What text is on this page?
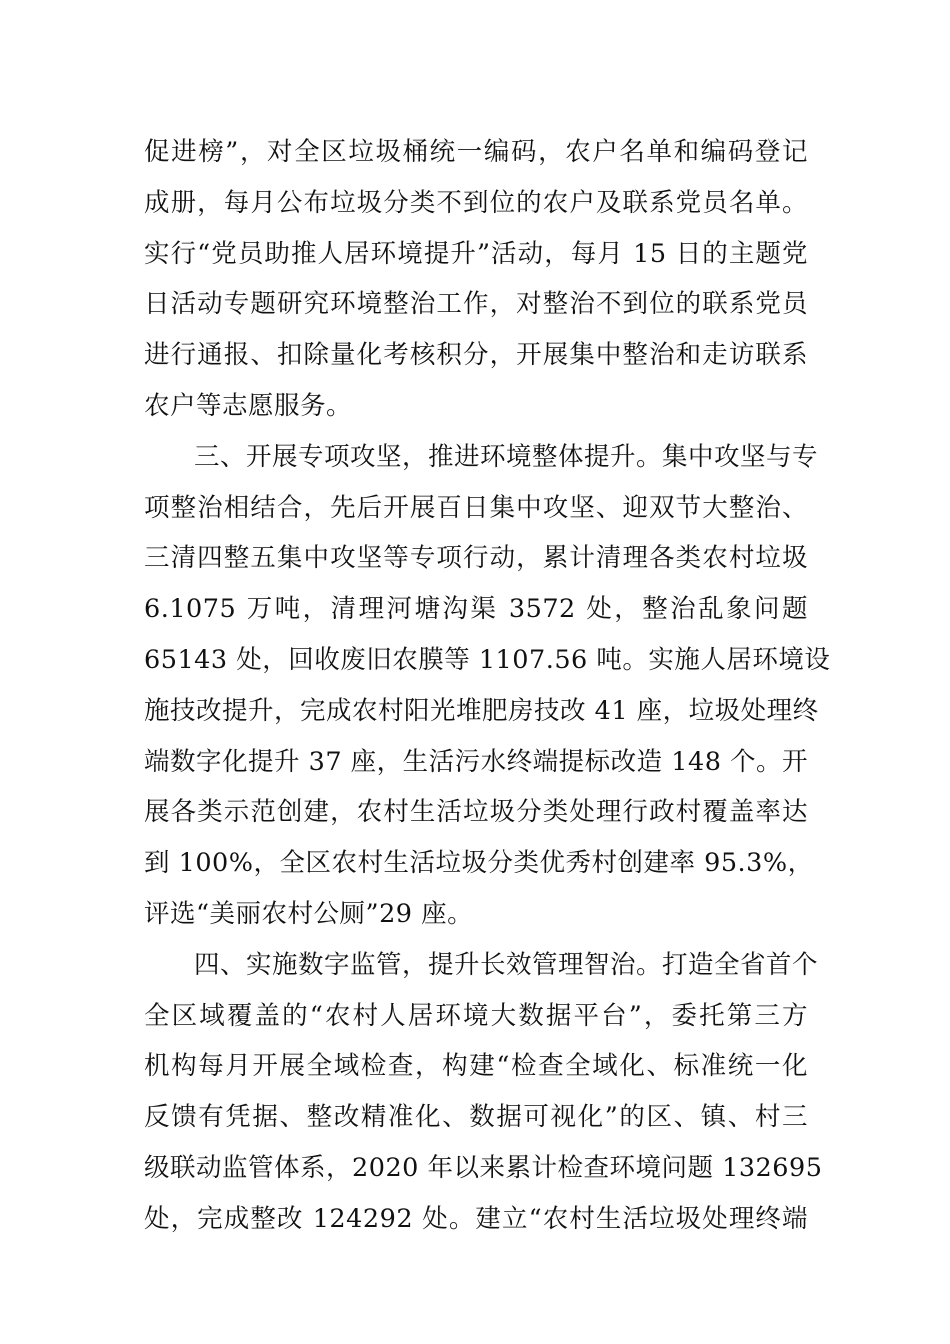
促进榜”，对全区垃圾桶统一编码，农户名单和编码登记
成册，每月公布垃圾分类不到位的农户及联系党员名单。
实行“党员助推人居环境提升”活动，每月 15 日的主题党
日活动专题研究环境整治工作，对整治不到位的联系党员
进行通报、扣除量化考核积分，开展集中整治和走访联系
农户等志愿服务。
三、开展专项攻坚，推进环境整体提升。集中攻坚与专
项整治相结合，先后开展百日集中攻坚、迎双节大整治、
三清四整五集中攻坚等专项行动，累计清理各类农村垃圾
6.1075 万吨，清理河塘沟渠 3572 处，整治乱象问题
65143 处，回收废旧农膜等 1107.56 吨。实施人居环境设
施技改提升，完成农村阳光堆肥房技改 41 座，垃圾处理终
端数字化提升 37 座，生活污水终端提标改造 148 个。开
展各类示范创建，农村生活垃圾分类处理行政村覆盖率达
到 100%，全区农村生活垃圾分类优秀村创建率 95.3%，
评选“美丽农村公厕”29 座。
四、实施数字监管，提升长效管理智治。打造全省首个
全区域覆盖的“农村人居环境大数据平台”，委托第三方
机构每月开展全域检查，构建“检查全域化、标准统一化
反馈有凭据、整改精准化、数据可视化”的区、镇、村三
级联动监管体系，2020 年以来累计检查环境问题 132695
处，完成整改 124292 处。建立“农村生活垃圾处理终端
